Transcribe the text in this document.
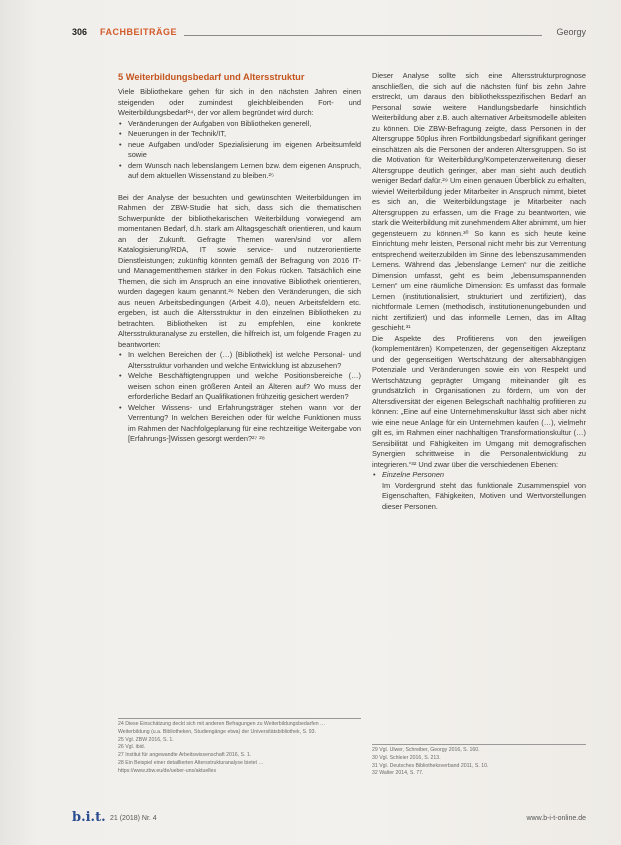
306 FACHBEITRÄGE	Georgy
5 Weiterbildungsbedarf und Altersstruktur

Viele Bibliothekare gehen für sich in den nächsten Jahren einen steigenden oder zumindest gleichbleibenden Fort- und Weiterbildungsbedarf²⁴, der vor allem begründet wird durch:

• Veränderungen der Aufgaben von Bibliotheken generell,
• Neuerungen in der Technik/IT,
• neue Aufgaben und/oder Spezialisierung im eigenen Arbeitsumfeld sowie
• dem Wunsch nach lebenslangem Lernen bzw. dem eigenen Anspruch, auf dem aktuellen Wissenstand zu bleiben.²⁵

Bei der Analyse der besuchten und gewünschten Weiterbildungen im Rahmen der ZBW-Studie hat sich, dass sich die thematischen Schwerpunkte der bibliothekarischen Weiterbildung vorwiegend am momentanen Bedarf, d.h. stark am Alltagsgeschäft orientieren, und kaum an der Zukunft. Gefragte Themen waren/sind vor allem Katalogisierung/RDA, IT sowie service- und nutzerorientierte Dienstleistungen; zukünftig könnten gemäß der Befragung von 2016 IT- und Managementthemen stärker in den Fokus rücken. Tatsächlich eine Themen, die sich im Anspruch an eine innovative Bibliothek orientieren, wurden dagegen kaum genannt.²⁶ Neben den Veränderungen, die sich aus neuen Arbeitsbedingungen (Arbeit 4.0), neuen Arbeitsfeldern etc. ergeben, ist auch die Altersstruktur in den einzelnen Bibliotheken zu betrachten. Bibliotheken ist zu empfehlen, eine konkrete Altersstrukturanalyse zu erstellen, die hilfreich ist, um folgende Fragen zu beantworten:

• In welchen Bereichen der (…) [Bibliothek] ist welche Personal- und Altersstruktur vorhanden und welche Entwicklung ist abzusehen?
• Welche Beschäftigtengruppen und welche Positionsbereiche (…) weisen schon einen größeren Anteil an Älteren auf? Wo muss der erforderliche Bedarf an Qualifikationen frühzeitig gesichert werden?
• Welcher Wissens- und Erfahrungsträger stehen wann vor der Verrentung? In welchen Bereichen oder für welche Funktionen muss im Rahmen der Nachfolgeplanung für eine rechtzeitige Weitergabe von [Erfahrungs-]Wissen gesorgt werden?²⁷ ²⁸

Dieser Analyse sollte sich eine Altersstrukturprognose anschließen, die sich auf die nächsten fünf bis zehn Jahre erstreckt, um daraus den bibliotheksspezifischen Bedarf an Personal sowie weitere Handlungsbedarfe hinsichtlich Weiterbildung aber z.B. auch alternativer Arbeitsmodelle ableiten zu können. Die ZBW-Befragung zeigte, dass Personen in der Altersgruppe 50plus ihren Fortbildungsbedarf signifikant geringer einschätzen als die Personen der anderen Altersgruppen. So ist die Motivation für Weiterbildung/Kompetenzerweiterung dieser Altersgruppe deutlich geringer, aber man sieht auch deutlich weniger Bedarf dafür.²⁹ Um einen genauen Überblick zu erhalten, wieviel Weiterbildung jeder Mitarbeiter in Anspruch nimmt, bietet es sich an, die Weiterbildungstage je Mitarbeiter nach Altersgruppen zu erfassen, um die Frage zu beantworten, wie stark die Weiterbildung mit zunehmendem Alter abnimmt, um hier gegensteuern zu können.³⁰ So kann es sich heute keine Einrichtung mehr leisten, Personal nicht mehr bis zur Verrentung entsprechend weiterzubilden im Sinne des lebenszusammenden Lernens. Während das „lebenslange Lernen“ nur die zeitliche Dimension umfasst, geht es beim „lebensumspannenden Lernen“ um eine räumliche Dimension: Es umfasst das formale Lernen (institutionalisiert, strukturiert und zertifiziert), das nichtformale Lernen (methodisch, institutionenungebunden und nicht zertifiziert) und das informelle Lernen, das im Alltag geschieht.³¹

Die Aspekte des Profitierens von den jeweiligen (komplementären) Kompetenzen, der gegenseitigen Akzeptanz und der gegenseitigen Wertschätzung der altersabhängigen Potenziale und Veränderungen sowie ein von Respekt und Wertschätzung geprägter Umgang miteinander gilt es grundsätzlich in Organisationen zu fördern, um von der Altersdiversität der eigenen Belegschaft nachhaltig profitieren zu können: „Eine auf eine Unternehmenskultur lässt sich aber nicht wie eine neue Anlage für ein Unternehmen kaufen (…), vielmehr gilt es, im Rahmen einer nachhaltigen Transformationskultur (…) Sensibilität und Fähigkeiten im Umgang mit demografischen Synergien schrittweise in die Personalentwicklung zu integrieren.“³² Und zwar über die verschiedenen Ebenen:

• Einzelne Personen
Im Vordergrund steht das funktionale Zusammenspiel von Eigenschaften, Fähigkeiten, Motiven und Wertvorstellungen dieser Personen.
24 Diese Einschätzung deckt sich mit anderen Befragungen zu Weiterbildungsbedarfen …
Weiterbildung (u.a. Bibliotheken, Studiengänge etwa) der Universitätsbibliothek, S. 93.
25 Vgl. ZBW 2016, S. 1.
26 Vgl. ibid.
27 Institut für angewandte Arbeitswissenschaft 2016, S. 1.
28 Ein Beispiel einer detaillierten Altersstrukturanalyse bietet …
https://www.zbw.eu/de/ueber-uns/aktuelles
29 Vgl. Ulwer, Schreiber, Georgy 2016, S. 160.
30 Vgl. Schleier 2016, S. 213.
31 Vgl. Deutsches Bibliotheksverband 2011, S. 10.
32 Walter 2014, S. 77.
b.i.t. 21 (2018) Nr. 4	www.b-i-t-online.de
